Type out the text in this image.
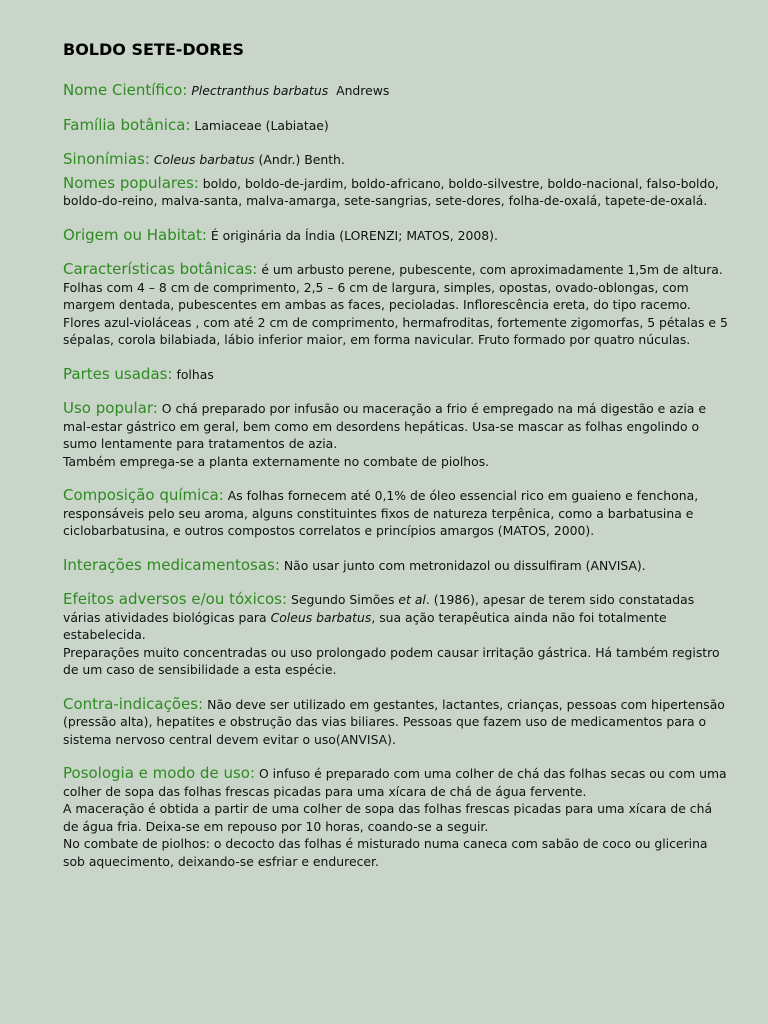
BOLDO SETE-DORES
Nome Científico: Plectranthus barbatus Andrews
Família botânica: Lamiaceae (Labiatae)
Sinonímias: Coleus barbatus (Andr.) Benth.
Nomes populares: boldo, boldo-de-jardim, boldo-africano, boldo-silvestre, boldo-nacional, falso-boldo, boldo-do-reino, malva-santa, malva-amarga, sete-sangrias, sete-dores, folha-de-oxalá, tapete-de-oxalá.
Origem ou Habitat: É originária da Índia (LORENZI; MATOS, 2008).
Características botânicas: é um arbusto perene, pubescente, com aproximadamente 1,5m de altura. Folhas com 4 – 8 cm de comprimento, 2,5 – 6 cm de largura, simples, opostas, ovado-oblongas, com margem dentada, pubescentes em ambas as faces, pecioladas. Inflorescência ereta, do tipo racemo. Flores azul-violáceas , com até 2 cm de comprimento, hermafroditas, fortemente zigomorfas, 5 pétalas e 5 sépalas, corola bilabiada, lábio inferior maior, em forma navicular. Fruto formado por quatro núculas.
Partes usadas: folhas
Uso popular: O chá preparado por infusão ou maceração a frio é empregado na má digestão e azia e mal-estar gástrico em geral, bem como em desordens hepáticas. Usa-se mascar as folhas engolindo o sumo lentamente para tratamentos de azia.
Também emprega-se a planta externamente no combate de piolhos.
Composição química: As folhas fornecem até 0,1% de óleo essencial rico em guaieno e fenchona, responsáveis pelo seu aroma, alguns constituintes fixos de natureza terpênica, como a barbatusina e ciclobarbatusina, e outros compostos correlatos e princípios amargos (MATOS, 2000).
Interações medicamentosas: Não usar junto com metronidazol ou dissulfiram (ANVISA).
Efeitos adversos e/ou tóxicos: Segundo Simões et al. (1986), apesar de terem sido constatadas várias atividades biológicas para Coleus barbatus, sua ação terapêutica ainda não foi totalmente estabelecida.
Preparações muito concentradas ou uso prolongado podem causar irritação gástrica. Há também registro de um caso de sensibilidade a esta espécie.
Contra-indicações: Não deve ser utilizado em gestantes, lactantes, crianças, pessoas com hipertensão (pressão alta), hepatites e obstrução das vias biliares. Pessoas que fazem uso de medicamentos para o sistema nervoso central devem evitar o uso(ANVISA).
Posologia e modo de uso: O infuso é preparado com uma colher de chá das folhas secas ou com uma colher de sopa das folhas frescas picadas para uma xícara de chá de água fervente.
A maceração é obtida a partir de uma colher de sopa das folhas frescas picadas para uma xícara de chá de água fria. Deixa-se em repouso por 10 horas, coando-se a seguir.
No combate de piolhos: o decocto das folhas é misturado numa caneca com sabão de coco ou glicerina sob aquecimento, deixando-se esfriar e endurecer.
